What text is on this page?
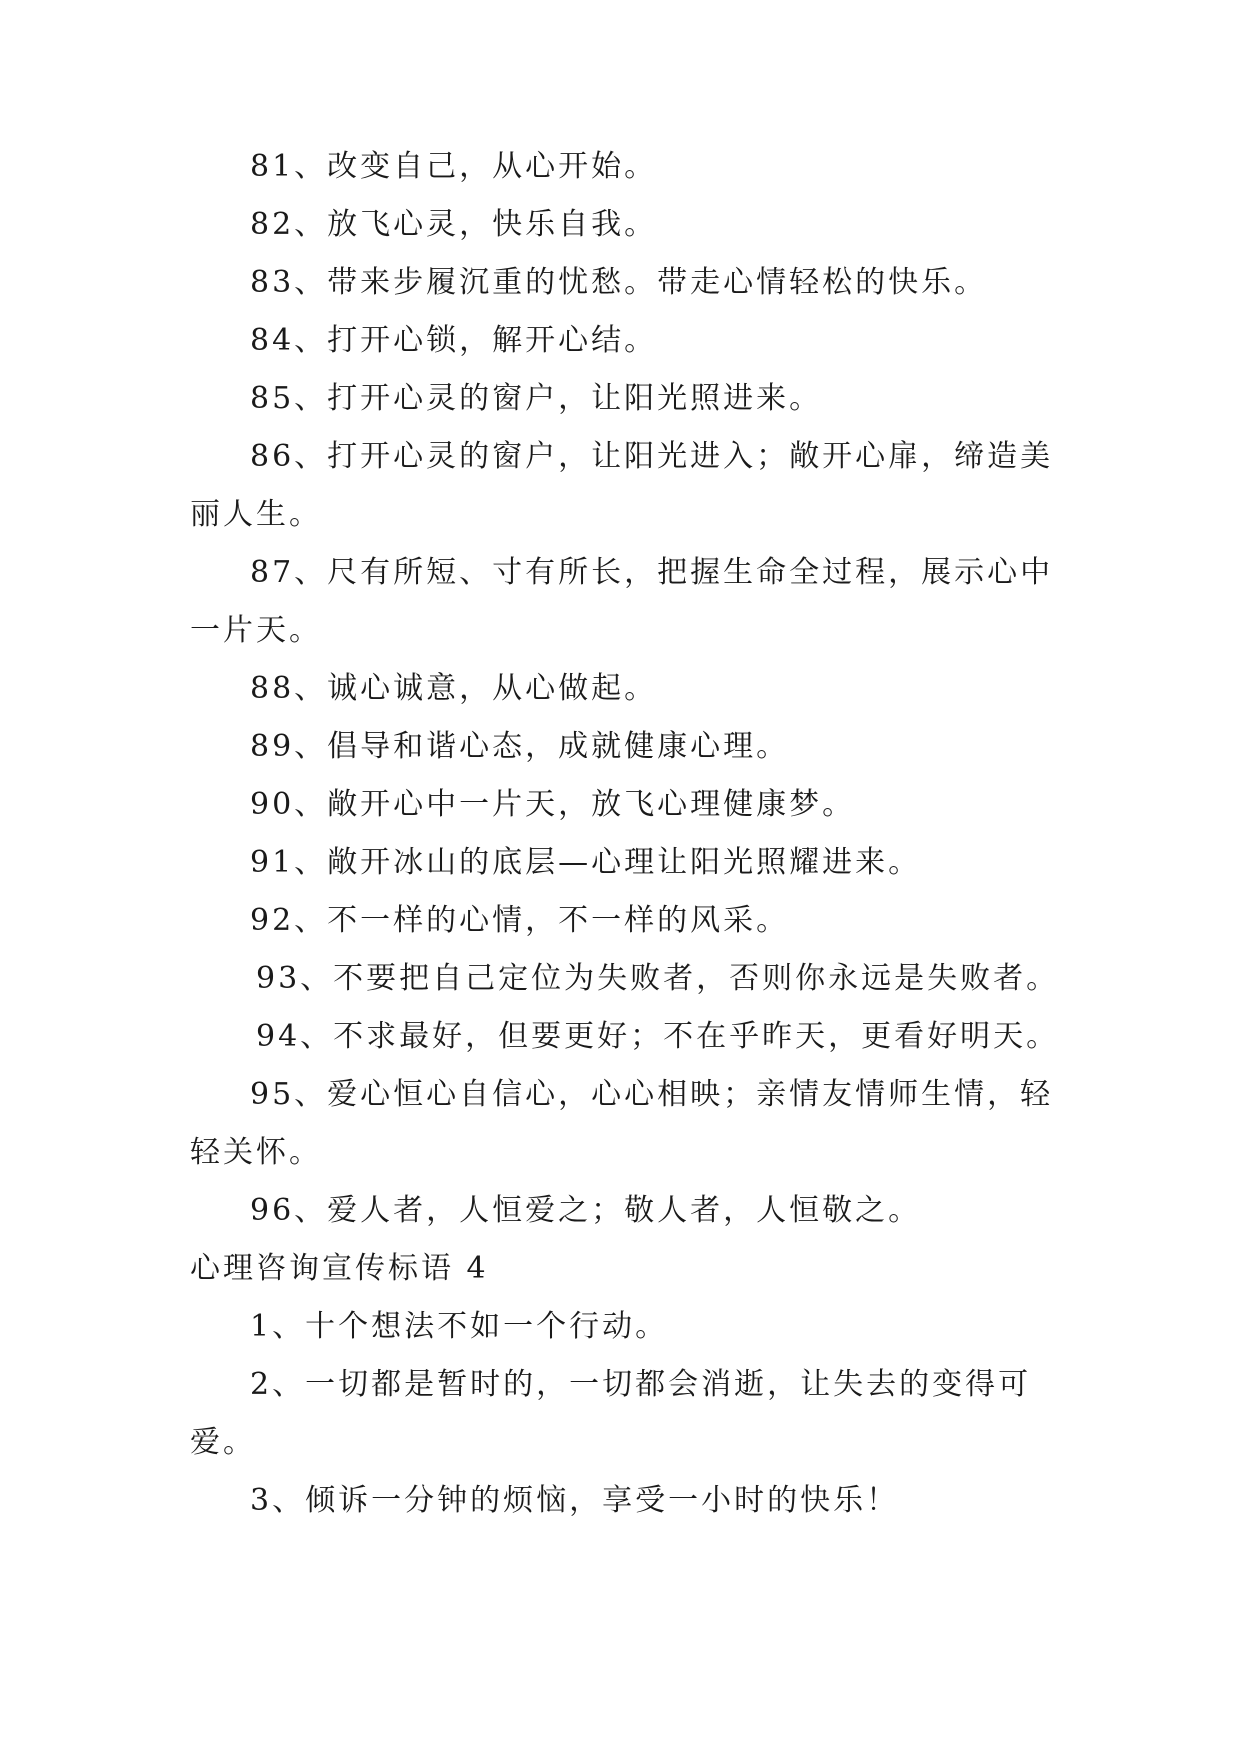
81、改变自己，从心开始。
82、放飞心灵，快乐自我。
83、带来步履沉重的忧愁。带走心情轻松的快乐。
84、打开心锁，解开心结。
85、打开心灵的窗户，让阳光照进来。
86、打开心灵的窗户，让阳光进入；敞开心扉，缔造美
丽人生。
87、尺有所短、寸有所长，把握生命全过程，展示心中
一片天。
88、诚心诚意，从心做起。
89、倡导和谐心态，成就健康心理。
90、敞开心中一片天，放飞心理健康梦。
91、敞开冰山的底层—心理让阳光照耀进来。
92、不一样的心情，不一样的风采。
93、不要把自己定位为失败者，否则你永远是失败者。
94、不求最好，但要更好；不在乎昨天，更看好明天。
95、爱心恒心自信心，心心相映；亲情友情师生情，轻
轻关怀。
96、爱人者，人恒爱之；敬人者，人恒敬之。
心理咨询宣传标语 4
1、十个想法不如一个行动。
2、一切都是暂时的，一切都会消逝，让失去的变得可
爱。
3、倾诉一分钟的烦恼，享受一小时的快乐！
